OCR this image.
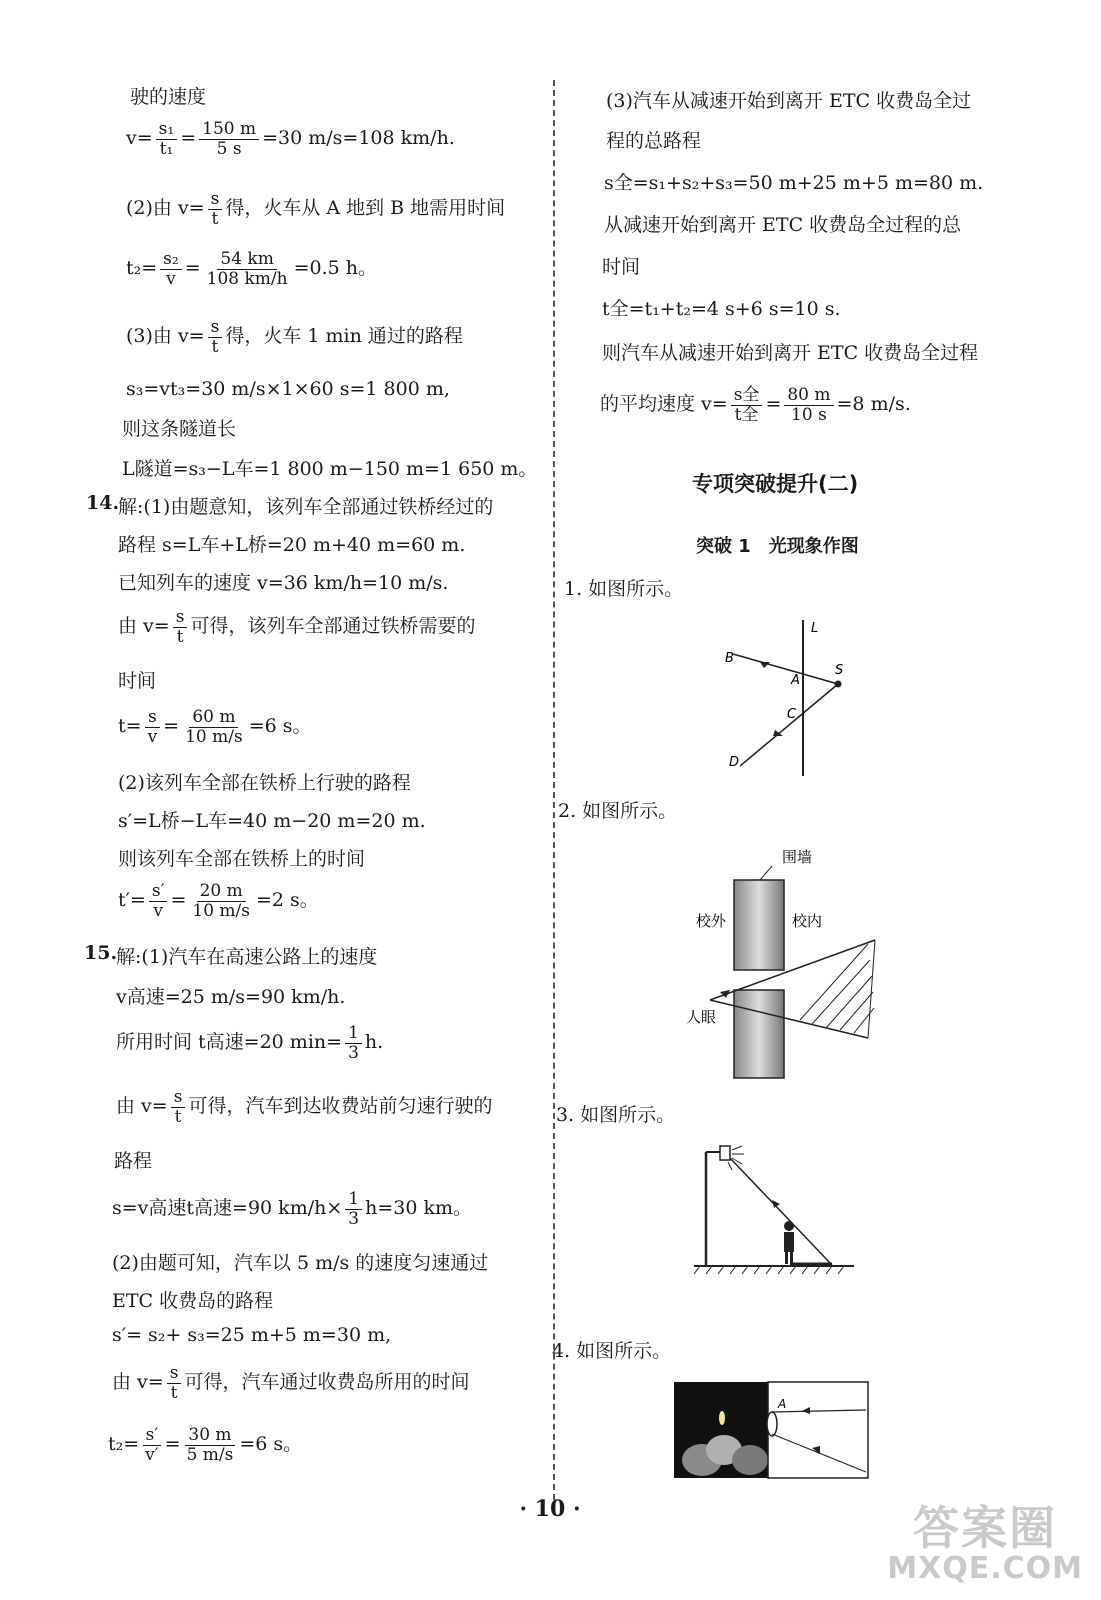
驶的速度
$v= \frac{\text{s₁}}{\text{t₁}} = \frac{150 m}{5 s} =30$ m/s=108 km/h.
(2)由 $v= \frac{s}{t}$ 得，火车从 A 地到 B 地需用时间
$t_2= \frac{\text{s₂}}{v} = \frac{54 km}{108 km/h} =0.5$ h。
(3)由 $v= \frac{s}{t}$ 得，火车 1 min 通过的路程
s₃=vt₃=30 m/s×1×60 s=1 800 m,
则这条隧道长
L隧道=s₃−L车=1 800 m−150 m=1 650 m。
14.
解:(1)由题意知，该列车全部通过铁桥经过的
路程 s=L车+L桥=20 m+40 m=60 m.
已知列车的速度 v=36 km/h=10 m/s.
由 $v= \frac{s}{t}$ 可得，该列车全部通过铁桥需要的
时间
$t= \frac{s}{v} = \frac{60 m}{10 m/s} =6$ s。
(2)该列车全部在铁桥上行驶的路程
s′=L桥−L车=40 m−20 m=20 m.
则该列车全部在铁桥上的时间
$t'= \frac{s'}{v} = \frac{20 m}{10 m/s} =2$ s。
15.
解:(1)汽车在高速公路上的速度
v高速=25 m/s=90 km/h.
所用时间 t高速=20 $\min= \frac{1}{3} h$.
由 $v= \frac{s}{t}$ 可得，汽车到达收费站前匀速行驶的
路程
s=v高速t高速=90 $km/h\times \frac{1}{3} h=30$ km。
(2)由题可知，汽车以 5 m/s 的速度匀速通过
ETC 收费岛的路程
s′= s₂+ s₃=25 m+5 m=30 m,
由 $v= \frac{s}{t}$ 可得，汽车通过收费岛所用的时间
$t_2= \frac{s'}{v'} = \frac{30 m}{5 m/s} =6$ s。
(3)汽车从减速开始到离开 ETC 收费岛全过
程的总路程
s全=s₁+s₂+s₃=50 m+25 m+5 m=80 m.
从减速开始到离开 ETC 收费岛全过程的总
时间
t全=t₁+t₂=4 s+6 s=10 s.
则汽车从减速开始到离开 ETC 收费岛全过程
的平均速度 $v= \frac{\text{s全}}{\text{t全}} = \frac{80 m}{10 s} =8$ m/s.
专项突破提升(二)
突破 1　光现象作图
1. 如图所示。
L
B
S
A
C
D
2. 如图所示。
围墙
校外	校内
人眼
3. 如图所示。
4. 如图所示。
A
· 10 ·	答案圈
MXQE.COM
